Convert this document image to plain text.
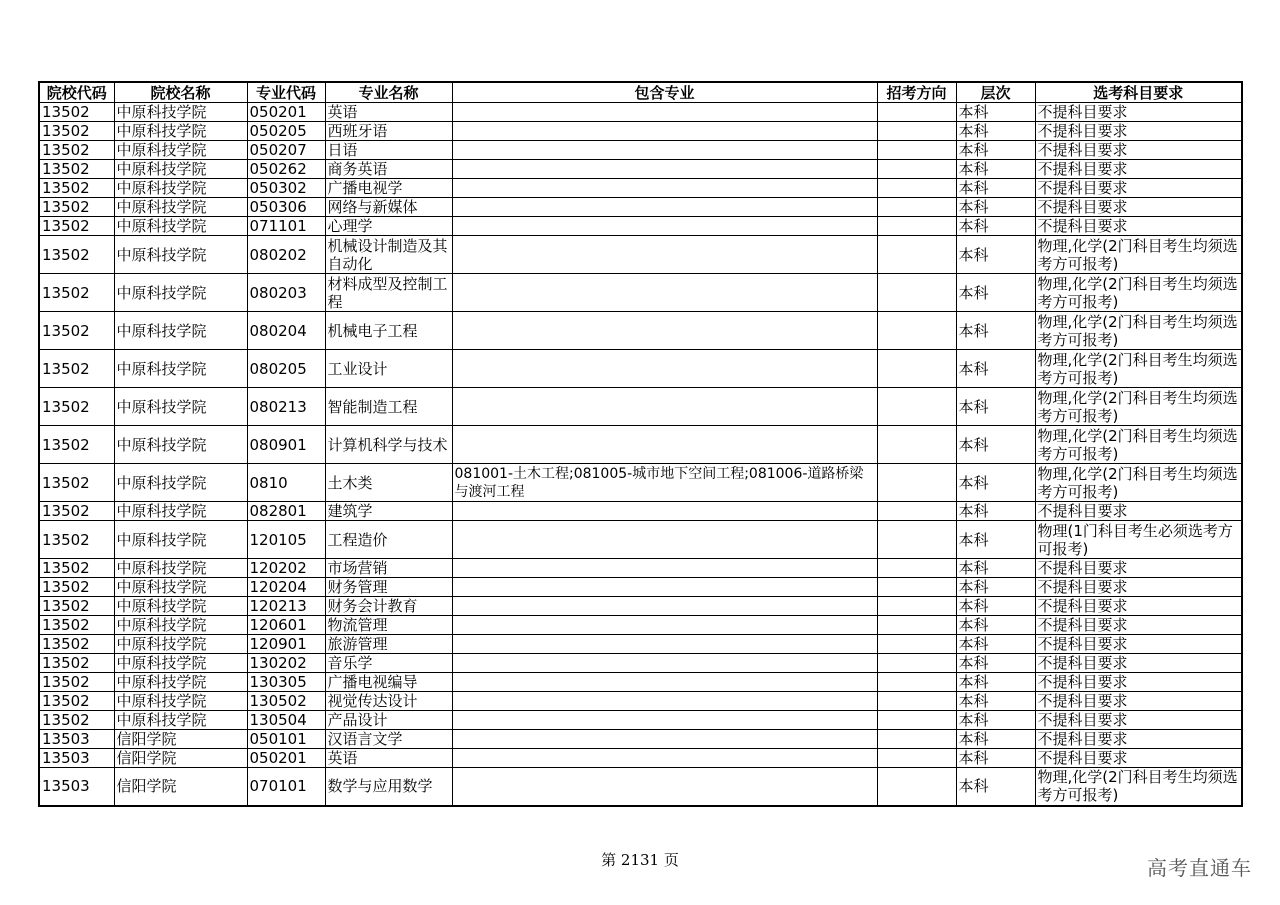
院校代码	院校名称	专业代码	专业名称	包含专业	招考方向	层次	选考科目要求
13502	中原科技学院	050201	英语			本科	不提科目要求
13502	中原科技学院	050205	西班牙语			本科	不提科目要求
13502	中原科技学院	050207	日语			本科	不提科目要求
13502	中原科技学院	050262	商务英语			本科	不提科目要求
13502	中原科技学院	050302	广播电视学			本科	不提科目要求
13502	中原科技学院	050306	网络与新媒体			本科	不提科目要求
13502	中原科技学院	071101	心理学			本科	不提科目要求
13502	中原科技学院	080202	机械设计制造及其自动化			本科	物理,化学(2门科目考生均须选考方可报考)
13502	中原科技学院	080203	材料成型及控制工程			本科	物理,化学(2门科目考生均须选考方可报考)
13502	中原科技学院	080204	机械电子工程			本科	物理,化学(2门科目考生均须选考方可报考)
13502	中原科技学院	080205	工业设计			本科	物理,化学(2门科目考生均须选考方可报考)
13502	中原科技学院	080213	智能制造工程			本科	物理,化学(2门科目考生均须选考方可报考)
13502	中原科技学院	080901	计算机科学与技术			本科	物理,化学(2门科目考生均须选考方可报考)
13502	中原科技学院	0810	土木类	081001-土木工程;081005-城市地下空间工程;081006-道路桥梁与渡河工程		本科	物理,化学(2门科目考生均须选考方可报考)
13502	中原科技学院	082801	建筑学			本科	不提科目要求
13502	中原科技学院	120105	工程造价			本科	物理(1门科目考生必须选考方可报考)
13502	中原科技学院	120202	市场营销			本科	不提科目要求
13502	中原科技学院	120204	财务管理			本科	不提科目要求
13502	中原科技学院	120213	财务会计教育			本科	不提科目要求
13502	中原科技学院	120601	物流管理			本科	不提科目要求
13502	中原科技学院	120901	旅游管理			本科	不提科目要求
13502	中原科技学院	130202	音乐学			本科	不提科目要求
13502	中原科技学院	130305	广播电视编导			本科	不提科目要求
13502	中原科技学院	130502	视觉传达设计			本科	不提科目要求
13502	中原科技学院	130504	产品设计			本科	不提科目要求
13503	信阳学院	050101	汉语言文学			本科	不提科目要求
13503	信阳学院	050201	英语			本科	不提科目要求
13503	信阳学院	070101	数学与应用数学			本科	物理,化学(2门科目考生均须选考方可报考)
第 2131 页	高考直通车
